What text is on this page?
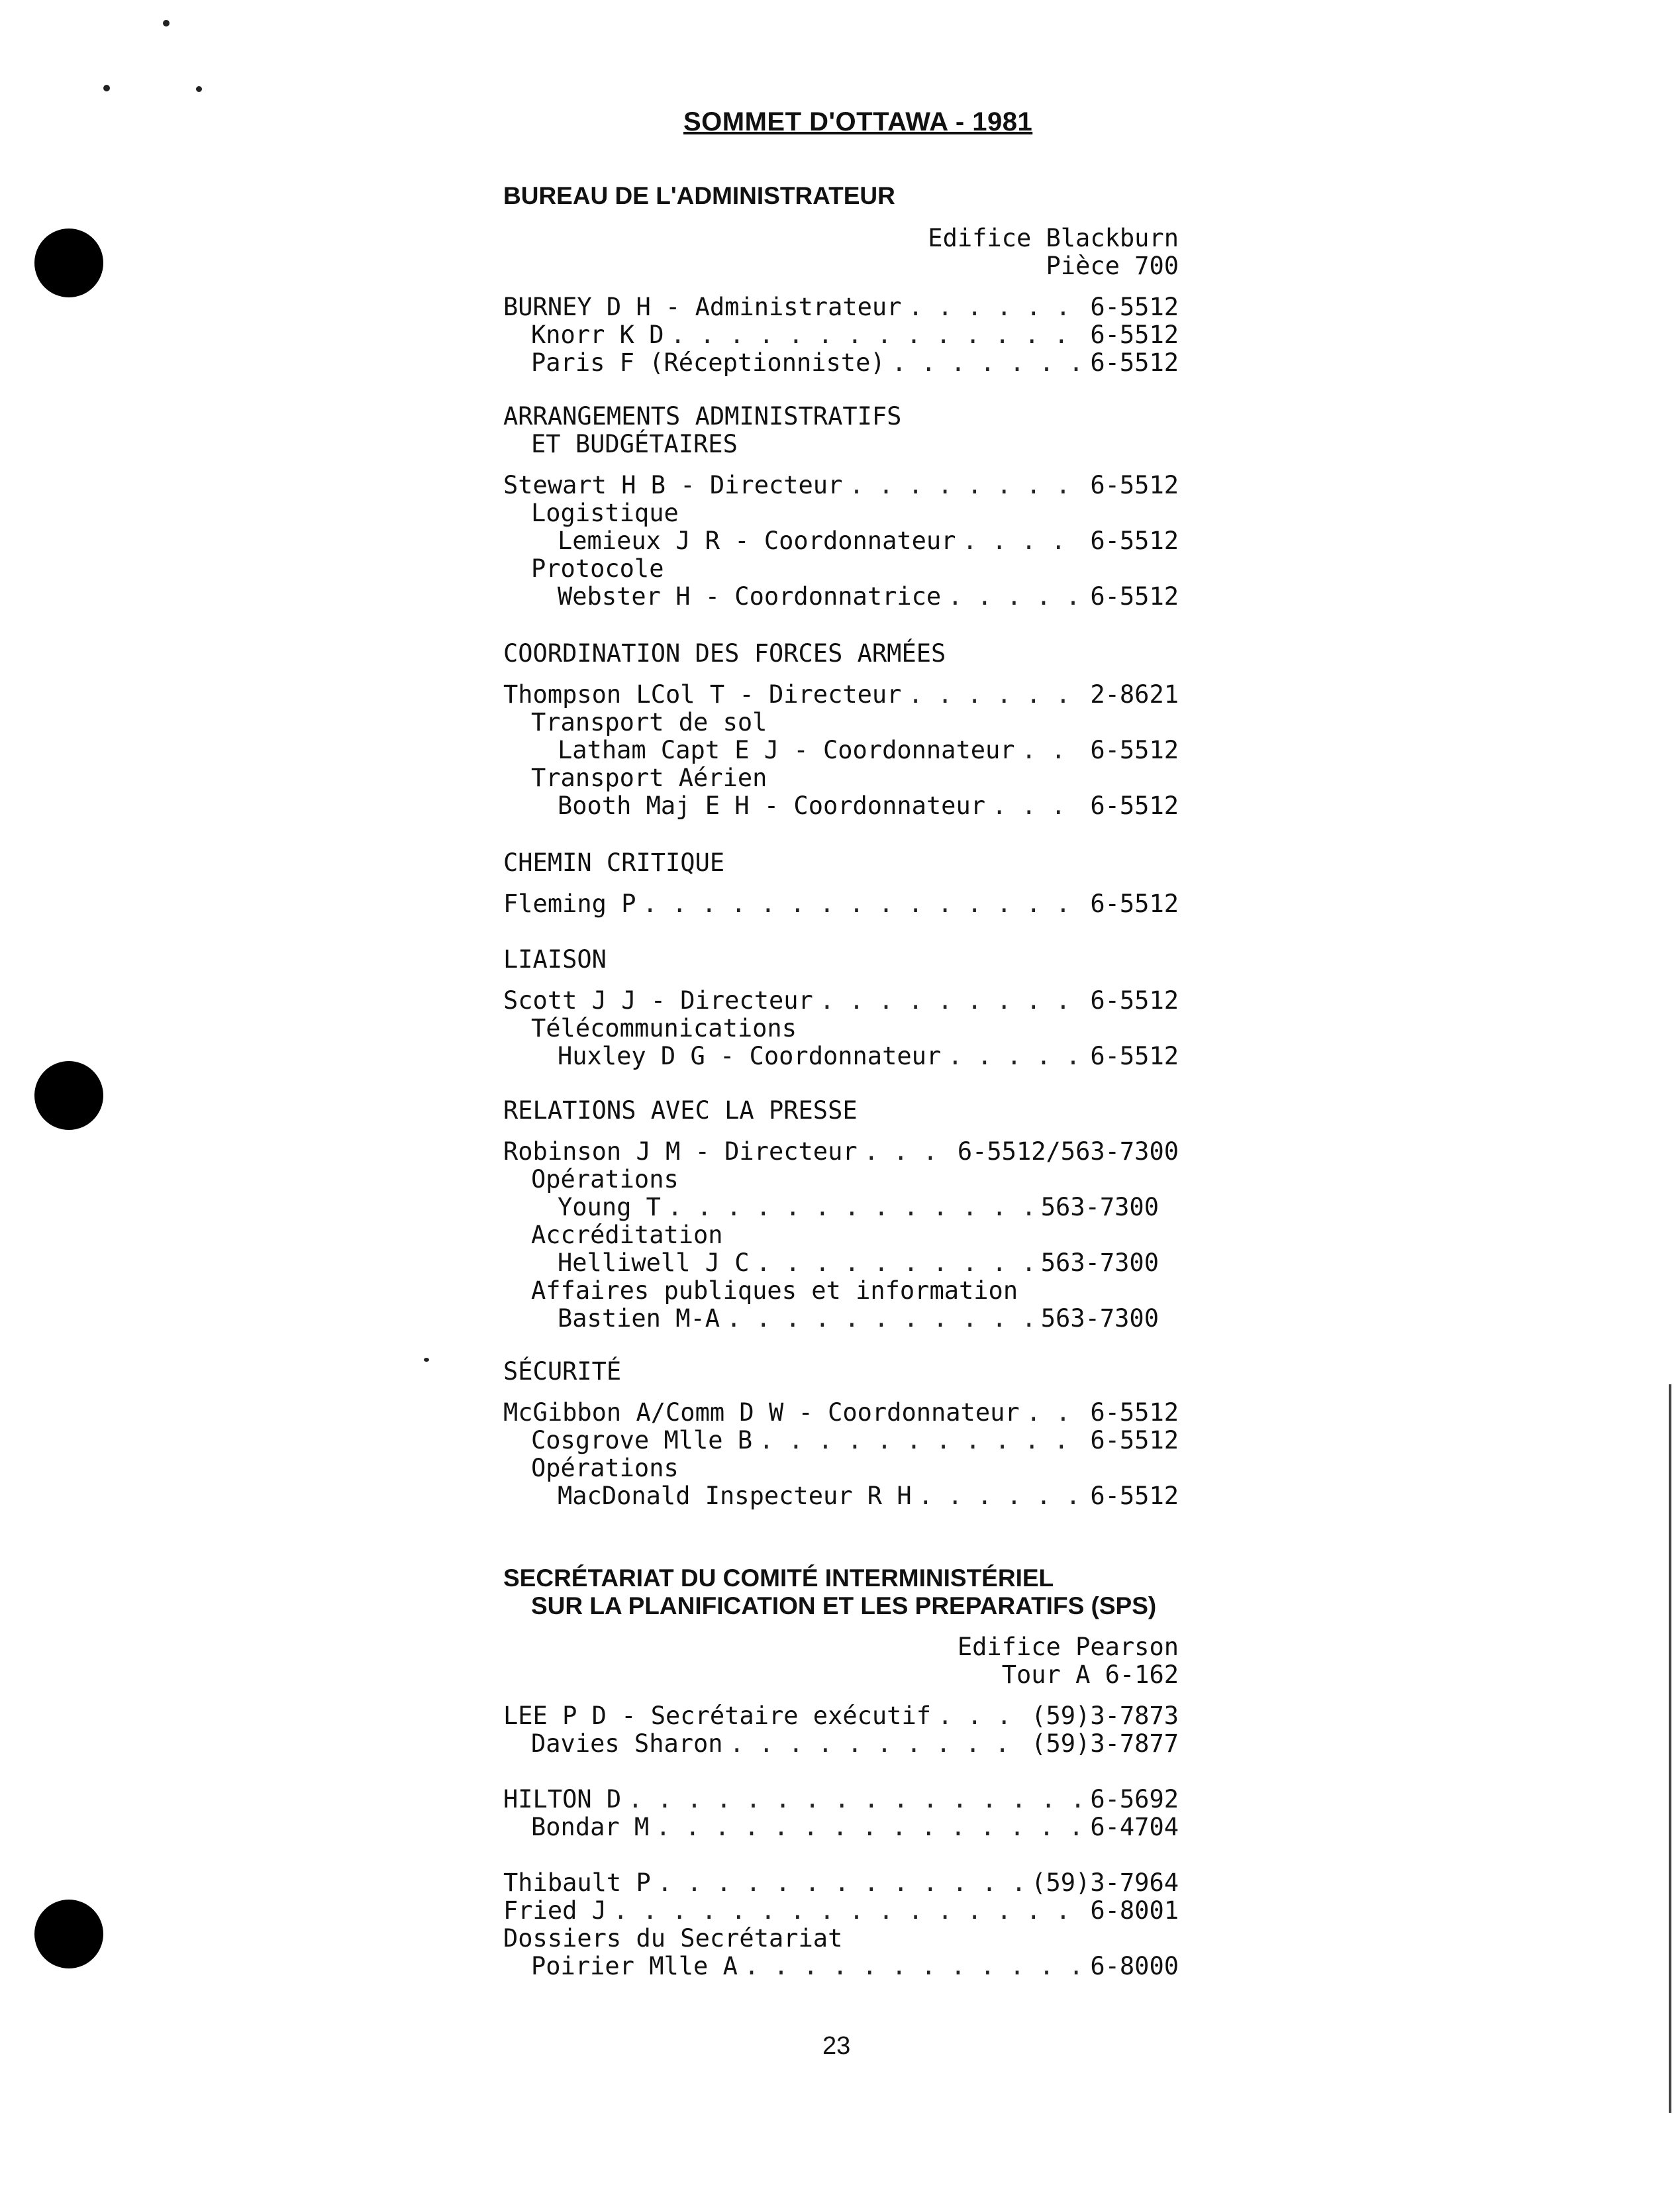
SOMMET D'OTTAWA - 1981
BUREAU DE L'ADMINISTRATEUR
Edifice Blackburn
Pièce 700
BURNEY D H - Administrateur . . .	6-5512
Knorr K D . . .	6-5512
Paris F (Réceptionniste) . . .	6-5512
ARRANGEMENTS ADMINISTRATIFS
ET BUDGÉTAIRES
Stewart H B - Directeur . . .	6-5512
Logistique
Lemieux J R - Coordonnateur . . .	6-5512
Protocole
Webster H - Coordonnatrice . . .	6-5512
COORDINATION DES FORCES ARMÉES
Thompson LCol T - Directeur . . .	2-8621
Transport de sol
Latham Capt E J - Coordonnateur . . .	6-5512
Transport Aérien
Booth Maj E H - Coordonnateur . . .	6-5512
CHEMIN CRITIQUE
Fleming P . . .	6-5512
LIAISON
Scott J J - Directeur . . .	6-5512
Télécommunications
Huxley D G - Coordonnateur . . .	6-5512
RELATIONS AVEC LA PRESSE
Robinson J M - Directeur . . .	6-5512/563-7300
Opérations
Young T . . .	563-7300
Accréditation
Helliwell J C . . .	563-7300
Affaires publiques et information
Bastien M-A . . .	563-7300
SÉCURITÉ
McGibbon A/Comm D W - Coordonnateur . . .	6-5512
Cosgrove Mlle B . . .	6-5512
Opérations
MacDonald Inspecteur R H . . .	6-5512
SECRÉTARIAT DU COMITÉ INTERMINISTÉRIEL
SUR LA PLANIFICATION ET LES PREPARATIFS (SPS)
Edifice Pearson
Tour A 6-162
LEE P D - Secrétaire exécutif . . .	(59)3-7873
Davies Sharon . . .	(59)3-7877
HILTON D . . .	6-5692
Bondar M . . .	6-4704
Thibault P . . .	(59)3-7964
Fried J . . .	6-8001
Dossiers du Secrétariat
Poirier Mlle A . . .	6-8000
23
